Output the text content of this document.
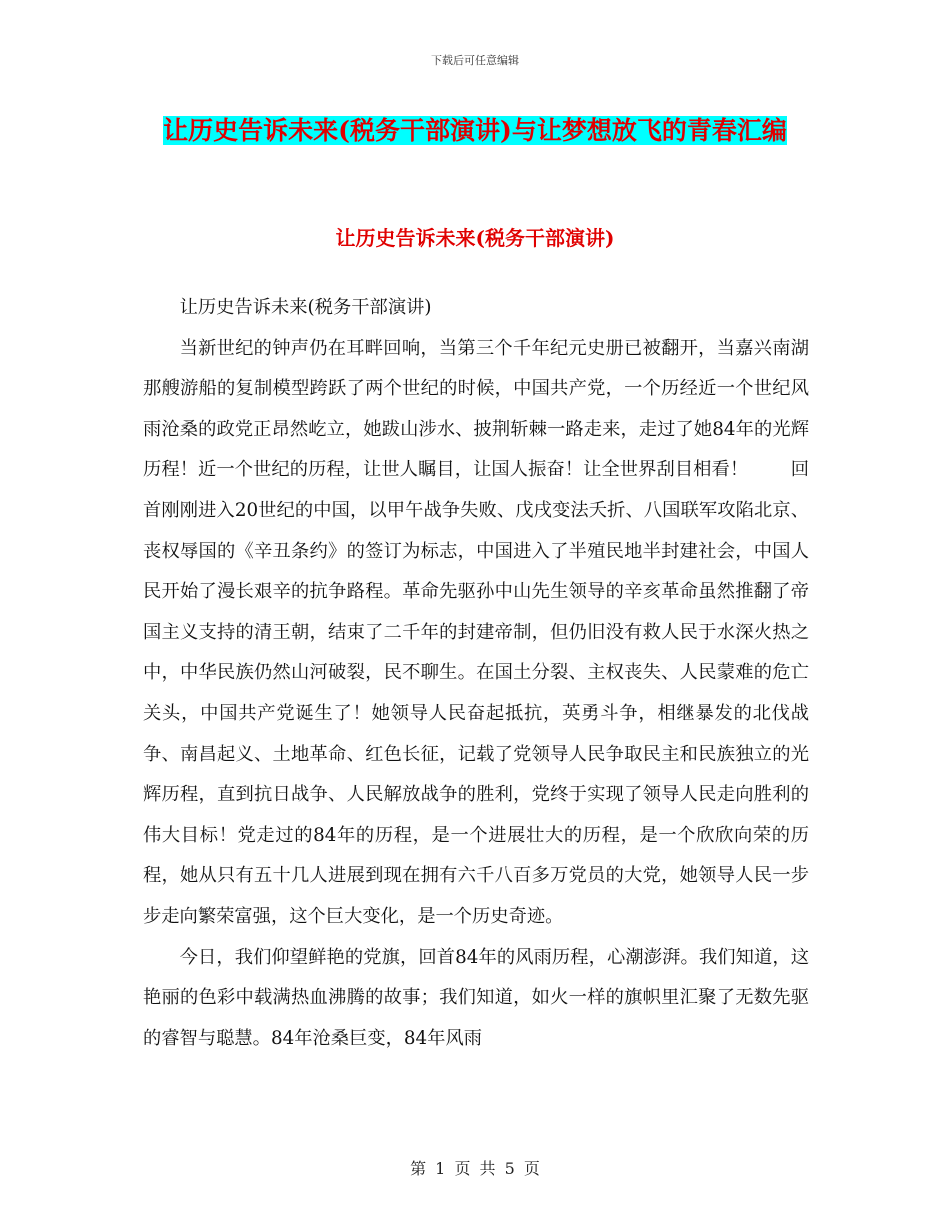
下载后可任意编辑
让历史告诉未来(税务干部演讲)与让梦想放飞的青春汇编
让历史告诉未来(税务干部演讲)

让历史告诉未来(税务干部演讲)

当新世纪的钟声仍在耳畔回响，当第三个千年纪元史册已被翻开，当嘉兴南湖那艘游船的复制模型跨跃了两个世纪的时候，中国共产党，一个历经近一个世纪风雨沧桑的政党正昂然屹立，她跋山涉水、披荆斩棘一路走来，走过了她84年的光辉历程！近一个世纪的历程，让世人瞩目，让国人振奋！让全世界刮目相看！　　 回首刚刚进入20世纪的中国，以甲午战争失败、戊戌变法夭折、八国联军攻陷北京、丧权辱国的《辛丑条约》的签订为标志，中国进入了半殖民地半封建社会，中国人民开始了漫长艰辛的抗争路程。革命先驱孙中山先生领导的辛亥革命虽然推翻了帝国主义支持的清王朝，结束了二千年的封建帝制，但仍旧没有救人民于水深火热之中，中华民族仍然山河破裂，民不聊生。在国土分裂、主权丧失、人民蒙难的危亡关头，中国共产党诞生了！她领导人民奋起抵抗，英勇斗争，相继暴发的北伐战争、南昌起义、土地革命、红色长征，记载了党领导人民争取民主和民族独立的光辉历程，直到抗日战争、人民解放战争的胜利，党终于实现了领导人民走向胜利的伟大目标！党走过的84年的历程，是一个进展壮大的历程，是一个欣欣向荣的历程，她从只有五十几人进展到现在拥有六千八百多万党员的大党，她领导人民一步步走向繁荣富强，这个巨大变化，是一个历史奇迹。

今日，我们仰望鲜艳的党旗，回首84年的风雨历程，心潮澎湃。我们知道，这艳丽的色彩中载满热血沸腾的故事；我们知道，如火一样的旗帜里汇聚了无数先驱的睿智与聪慧。84年沧桑巨变，84年风雨

第 1 页 共 5 页
